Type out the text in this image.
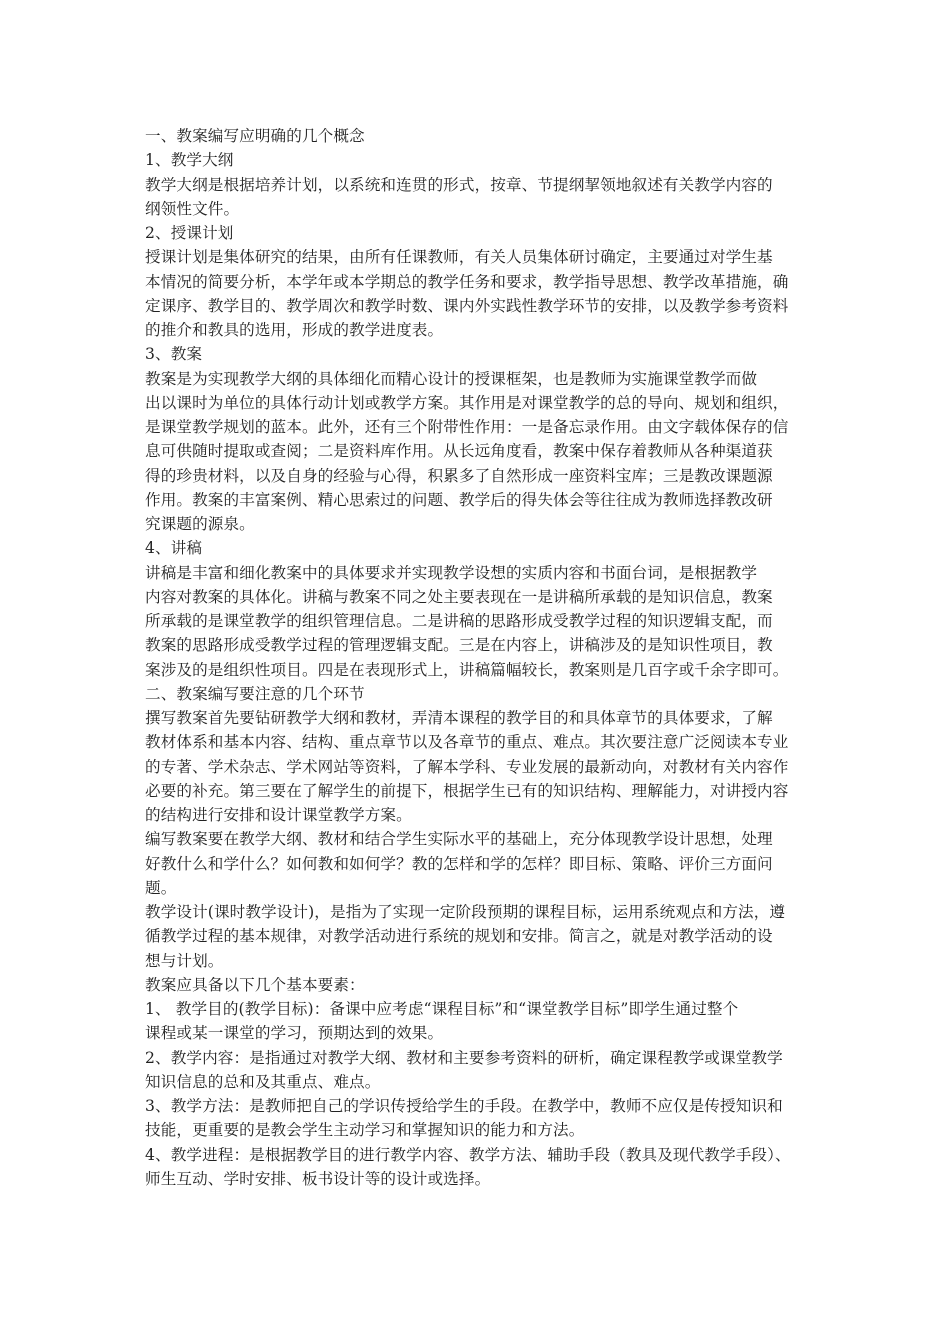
一、教案编写应明确的几个概念
1、教学大纲
教学大纲是根据培养计划，以系统和连贯的形式，按章、节提纲挈领地叙述有关教学内容的
纲领性文件。
2、授课计划
授课计划是集体研究的结果，由所有任课教师，有关人员集体研讨确定，主要通过对学生基
本情况的简要分析，本学年或本学期总的教学任务和要求，教学指导思想、教学改革措施，确
定课序、教学目的、教学周次和教学时数、课内外实践性教学环节的安排，以及教学参考资料
的推介和教具的选用，形成的教学进度表。
3、教案
教案是为实现教学大纲的具体细化而精心设计的授课框架，也是教师为实施课堂教学而做
出以课时为单位的具体行动计划或教学方案。其作用是对课堂教学的总的导向、规划和组织，
是课堂教学规划的蓝本。此外，还有三个附带性作用：一是备忘录作用。由文字载体保存的信
息可供随时提取或查阅；二是资料库作用。从长远角度看，教案中保存着教师从各种渠道获
得的珍贵材料，以及自身的经验与心得，积累多了自然形成一座资料宝库；三是教改课题源
作用。教案的丰富案例、精心思索过的问题、教学后的得失体会等往往成为教师选择教改研
究课题的源泉。
4、讲稿
讲稿是丰富和细化教案中的具体要求并实现教学设想的实质内容和书面台词，是根据教学
内容对教案的具体化。讲稿与教案不同之处主要表现在一是讲稿所承载的是知识信息，教案
所承载的是课堂教学的组织管理信息。二是讲稿的思路形成受教学过程的知识逻辑支配，而
教案的思路形成受教学过程的管理逻辑支配。三是在内容上，讲稿涉及的是知识性项目，教
案涉及的是组织性项目。四是在表现形式上，讲稿篇幅较长，教案则是几百字或千余字即可。
二、教案编写要注意的几个环节
撰写教案首先要钻研教学大纲和教材，弄清本课程的教学目的和具体章节的具体要求，了解
教材体系和基本内容、结构、重点章节以及各章节的重点、难点。其次要注意广泛阅读本专业
的专著、学术杂志、学术网站等资料，了解本学科、专业发展的最新动向，对教材有关内容作
必要的补充。第三要在了解学生的前提下，根据学生已有的知识结构、理解能力，对讲授内容
的结构进行安排和设计课堂教学方案。
编写教案要在教学大纲、教材和结合学生实际水平的基础上，充分体现教学设计思想，处理
好教什么和学什么？如何教和如何学？教的怎样和学的怎样？即目标、策略、评价三方面问
题。
教学设计(课时教学设计)，是指为了实现一定阶段预期的课程目标，运用系统观点和方法，遵
循教学过程的基本规律，对教学活动进行系统的规划和安排。简言之，就是对教学活动的设
想与计划。
教案应具备以下几个基本要素：
1、 教学目的(教学目标)：备课中应考虑“课程目标”和“课堂教学目标”即学生通过整个
课程或某一课堂的学习，预期达到的效果。
2、教学内容：是指通过对教学大纲、教材和主要参考资料的研析，确定课程教学或课堂教学
知识信息的总和及其重点、难点。
3、教学方法：是教师把自己的学识传授给学生的手段。在教学中，教师不应仅是传授知识和
技能，更重要的是教会学生主动学习和掌握知识的能力和方法。
4、教学进程：是根据教学目的进行教学内容、教学方法、辅助手段（教具及现代教学手段）、
师生互动、学时安排、板书设计等的设计或选择。
